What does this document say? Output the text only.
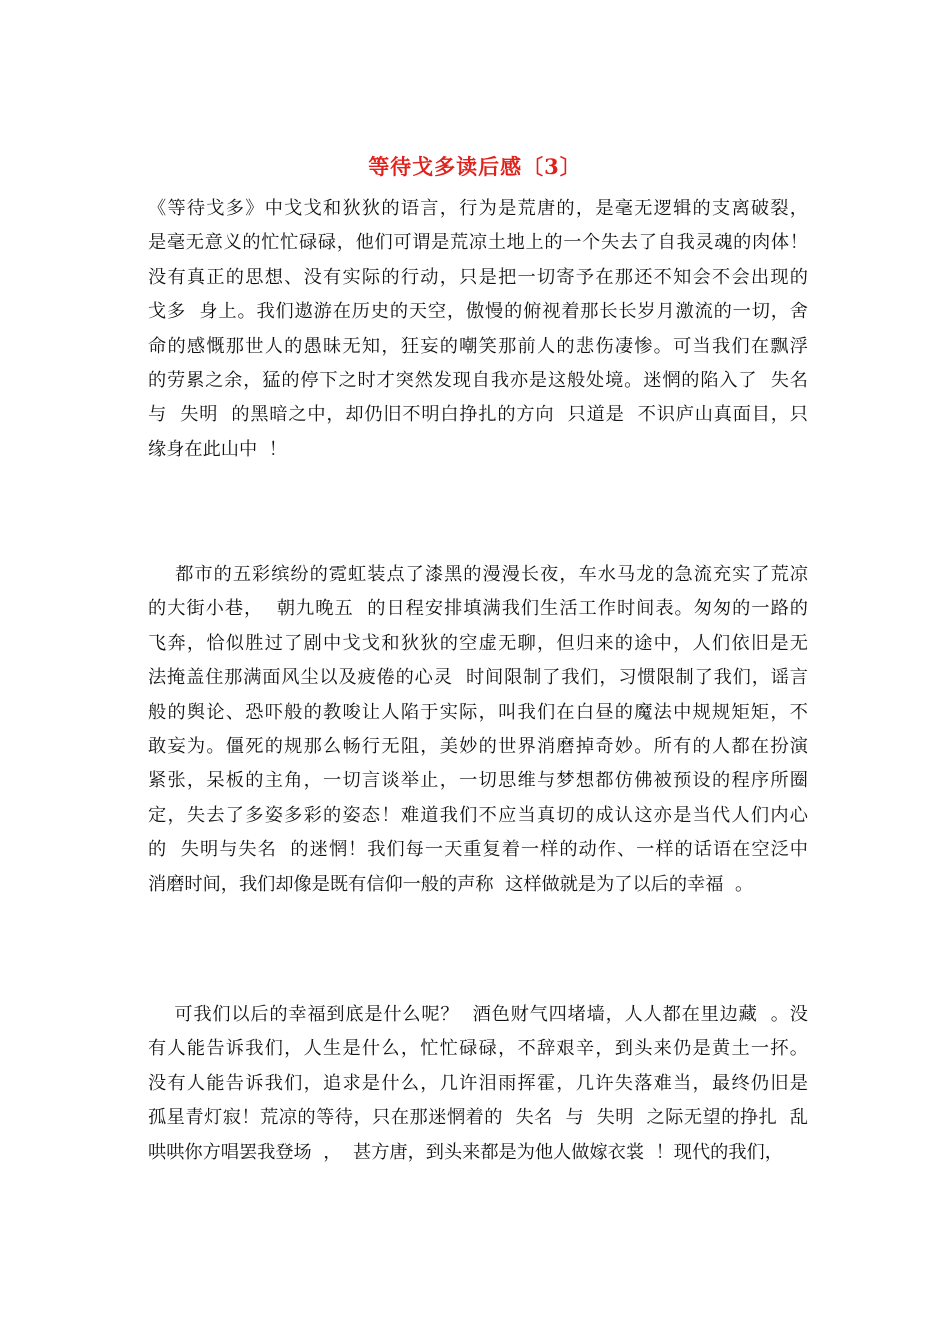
等待戈多读后感〔3〕
《等待戈多》中戈戈和狄狄的语言，行为是荒唐的，是毫无逻辑的支离破裂，
是毫无意义的忙忙碌碌，他们可谓是荒凉土地上的一个失去了自我灵魂的肉体！
没有真正的思想、没有实际的行动，只是把一切寄予在那还不知会不会出现的
戈多  身上。我们遨游在历史的天空，傲慢的俯视着那长长岁月激流的一切，舍
命的感慨那世人的愚昧无知，狂妄的嘲笑那前人的悲伤凄惨。可当我们在飘浮
的劳累之余，猛的停下之时才突然发现自我亦是这般处境。迷惘的陷入了  失名
与  失明  的黑暗之中，却仍旧不明白挣扎的方向  只道是  不识庐山真面目，只
缘身在此山中  ！
都市的五彩缤纷的霓虹装点了漆黑的漫漫长夜，车水马龙的急流充实了荒凉
的大街小巷，  朝九晚五  的日程安排填满我们生活工作时间表。匆匆的一路的
飞奔，恰似胜过了剧中戈戈和狄狄的空虚无聊，但归来的途中，人们依旧是无
法掩盖住那满面风尘以及疲倦的心灵  时间限制了我们，习惯限制了我们，谣言
般的舆论、恐吓般的教唆让人陷于实际，叫我们在白昼的魔法中规规矩矩，不
敢妄为。僵死的规那么畅行无阻，美妙的世界消磨掉奇妙。所有的人都在扮演
紧张，呆板的主角，一切言谈举止，一切思维与梦想都仿佛被预设的程序所圈
定，失去了多姿多彩的姿态！难道我们不应当真切的成认这亦是当代人们内心
的  失明与失名  的迷惘！我们每一天重复着一样的动作、一样的话语在空泛中
消磨时间，我们却像是既有信仰一般的声称  这样做就是为了以后的幸福  。
可我们以后的幸福到底是什么呢？  酒色财气四堵墙，人人都在里边藏  。没
有人能告诉我们，人生是什么，忙忙碌碌，不辞艰辛，到头来仍是黄土一抔。
没有人能告诉我们，追求是什么，几许泪雨挥霍，几许失落难当，最终仍旧是
孤星青灯寂！荒凉的等待，只在那迷惘着的  失名  与  失明  之际无望的挣扎  乱
哄哄你方唱罢我登场  ，  甚方唐，到头来都是为他人做嫁衣裳  ！现代的我们，
